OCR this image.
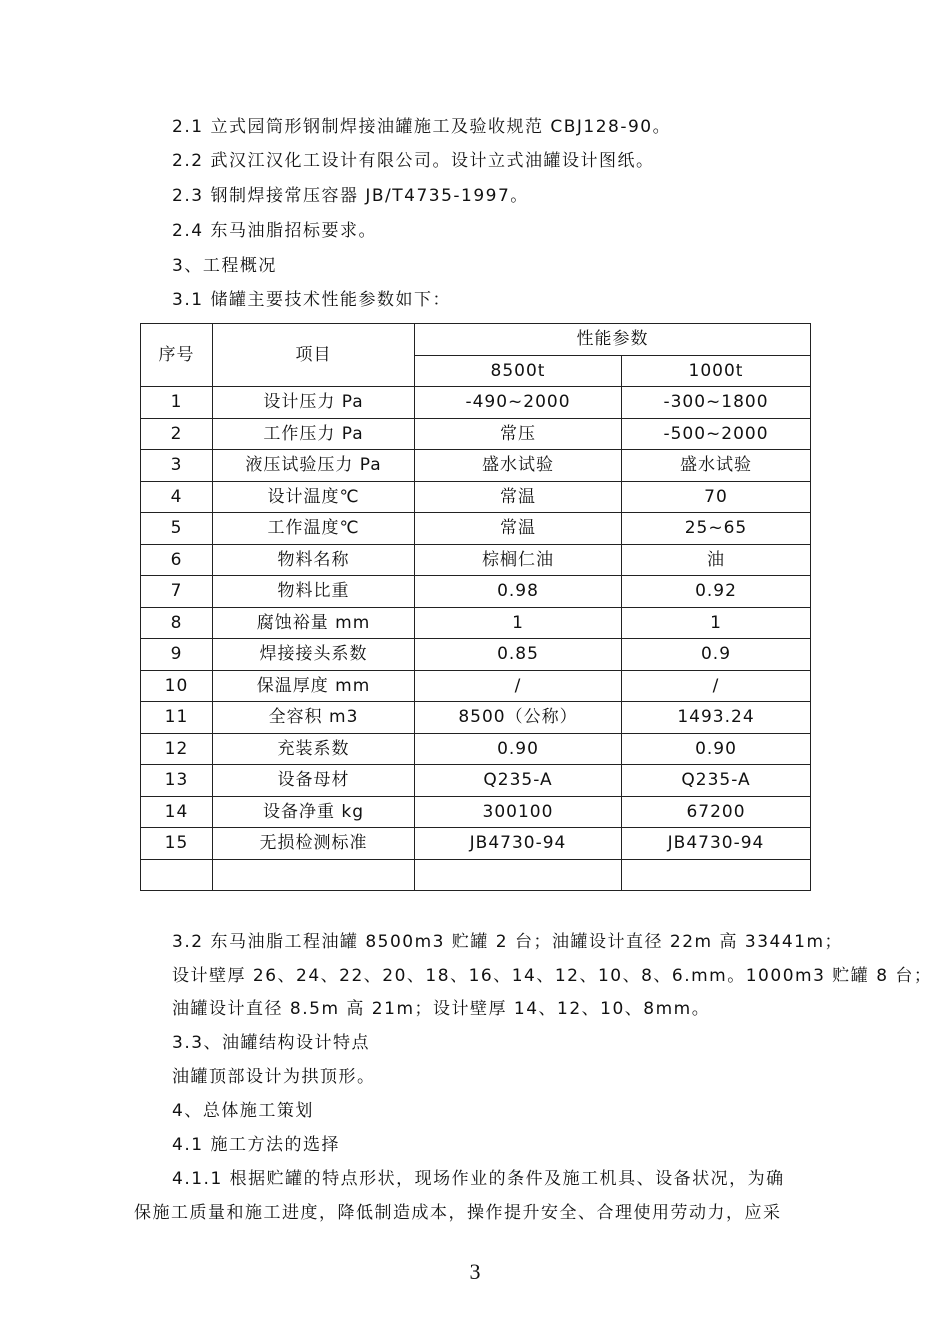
2.1 立式园筒形钢制焊接油罐施工及验收规范 CBJ128-90。
2.2 武汉江汉化工设计有限公司。设计立式油罐设计图纸。
2.3 钢制焊接常压容器 JB/T4735-1997。
2.4 东马油脂招标要求。
3、工程概况
3.1 储罐主要技术性能参数如下：
序号	项目	性能参数	
		8500t	1000t
1	设计压力 Pa	-490~2000	-300~1800
2	工作压力 Pa	常压	-500~2000
3	液压试验压力 Pa	盛水试验	盛水试验
4	设计温度℃	常温	70
5	工作温度℃	常温	25~65
6	物料名称	棕榈仁油	油
7	物料比重	0.98	0.92
8	腐蚀裕量 mm	1	1
9	焊接接头系数	0.85	0.9
10	保温厚度 mm	/	/
11	全容积 m3	8500（公称）	1493.24
12	充装系数	0.90	0.90
13	设备母材	Q235-A	Q235-A
14	设备净重 kg	300100	67200
15	无损检测标准	JB4730-94	JB4730-94

3.2 东马油脂工程油罐 8500m3 贮罐 2 台；油罐设计直径 22m 高 33441m；
设计壁厚 26、24、22、20、18、16、14、12、10、8、6.mm。1000m3 贮罐 8 台；
油罐设计直径 8.5m 高 21m；设计壁厚 14、12、10、8mm。
3.3、油罐结构设计特点
油罐顶部设计为拱顶形。
4、总体施工策划
4.1 施工方法的选择
4.1.1 根据贮罐的特点形状，现场作业的条件及施工机具、设备状况，为确
保施工质量和施工进度，降低制造成本，操作提升安全、合理使用劳动力，应采
3
